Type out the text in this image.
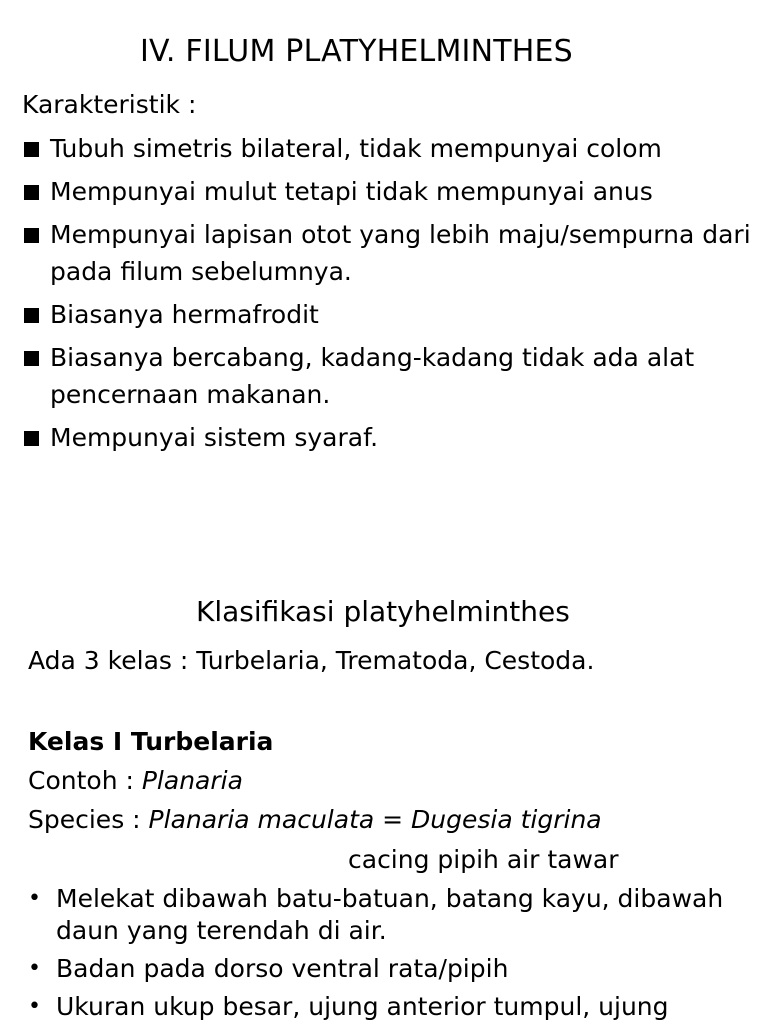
IV. FILUM PLATYHELMINTHES
Karakteristik :
Tubuh simetris bilateral, tidak mempunyai colom
Mempunyai mulut tetapi tidak mempunyai anus
Mempunyai lapisan otot yang lebih maju/sempurna dari pada filum sebelumnya.
Biasanya hermafrodit
Biasanya bercabang, kadang-kadang tidak ada alat pencernaan makanan.
Mempunyai sistem syaraf.
Klasifikasi platyhelminthes
Ada 3 kelas : Turbelaria, Trematoda, Cestoda.
Kelas I Turbelaria
Contoh : Planaria
Species : Planaria maculata = Dugesia tigrina
cacing pipih air tawar
• Melekat dibawah batu-batuan, batang kayu, dibawah daun yang terendah di air.
• Badan pada dorso ventral rata/pipih
• Ukuran ukup besar, ujung anterior tumpul, ujung
